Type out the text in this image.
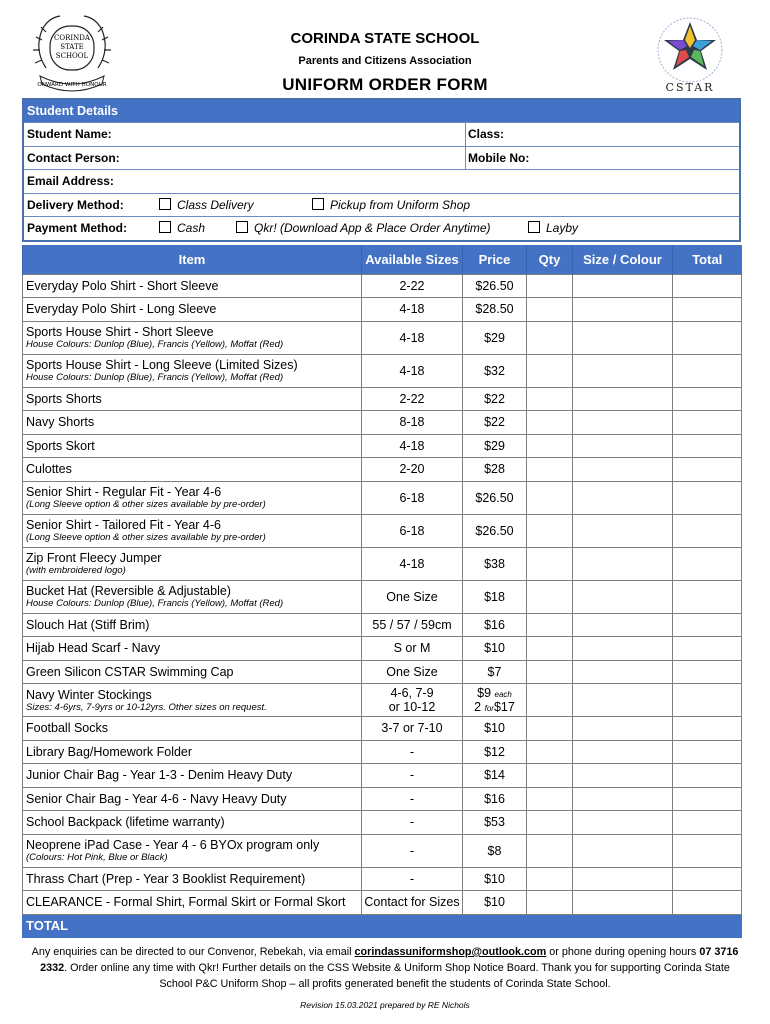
CORINDA
STATE
SCHOOL
ONWARD WITH HONOUR
CORINDA STATE SCHOOL
Parents and Citizens Association
UNIFORM ORDER FORM	CSTAR
Student Details
Student Name:	Class:
Contact Person:	Mobile No:
Email Address:
Delivery Method:	Class Delivery	Pickup from Uniform Shop
Payment Method:	Cash	Qkr! (Download App & Place Order Anytime)	Layby
Item	Available Sizes	Price	Qty	Size / Colour	Total
Everyday Polo Shirt - Short Sleeve	2-22	$26.50			
Everyday Polo Shirt - Long Sleeve	4-18	$28.50			
Sports House Shirt - Short Sleeve
House Colours: Dunlop (Blue), Francis (Yellow), Moffat (Red)	4-18	$29			
Sports House Shirt - Long Sleeve (Limited Sizes)
House Colours: Dunlop (Blue), Francis (Yellow), Moffat (Red)	4-18	$32			
Sports Shorts	2-22	$22			
Navy Shorts	8-18	$22			
Sports Skort	4-18	$29			
Culottes	2-20	$28			
Senior Shirt - Regular Fit - Year 4-6
(Long Sleeve option & other sizes available by pre-order)	6-18	$26.50			
Senior Shirt - Tailored Fit - Year 4-6
(Long Sleeve option & other sizes available by pre-order)	6-18	$26.50			
Zip Front Fleecy Jumper
(with embroidered logo)	4-18	$38			
Bucket Hat (Reversible & Adjustable)
House Colours: Dunlop (Blue), Francis (Yellow), Moffat (Red)	One Size	$18			
Slouch Hat (Stiff Brim)	55 / 57 / 59cm	$16			
Hijab Head Scarf - Navy	S or M	$10			
Green Silicon CSTAR Swimming Cap	One Size	$7			
Navy Winter Stockings
Sizes: 4-6yrs, 7-9yrs or 10-12yrs. Other sizes on request.	4-6, 7-9
or 10-12	$9 each
2 for$17			
Football Socks	3-7 or 7-10	$10			
Library Bag/Homework Folder	-	$12			
Junior Chair Bag - Year 1-3 - Denim Heavy Duty	-	$14			
Senior Chair Bag - Year 4-6 - Navy Heavy Duty	-	$16			
School Backpack (lifetime warranty)	-	$53			
Neoprene iPad Case - Year 4 - 6 BYOx program only
(Colours: Hot Pink, Blue or Black)	-	$8			
Thrass Chart (Prep - Year 3 Booklist Requirement)	-	$10			
CLEARANCE - Formal Shirt, Formal Skirt or Formal Skort	Contact for Sizes	$10			
TOTAL					
Any enquiries can be directed to our Convenor, Rebekah, via email corindassuniformshop@outlook.com or phone during opening hours 07 3716 2332. Order online any time with Qkr! Further details on the CSS Website & Uniform Shop Notice Board. Thank you for supporting Corinda State School P&C Uniform Shop – all profits generated benefit the students of Corinda State School.
Revision 15.03.2021 prepared by RE Nichols
